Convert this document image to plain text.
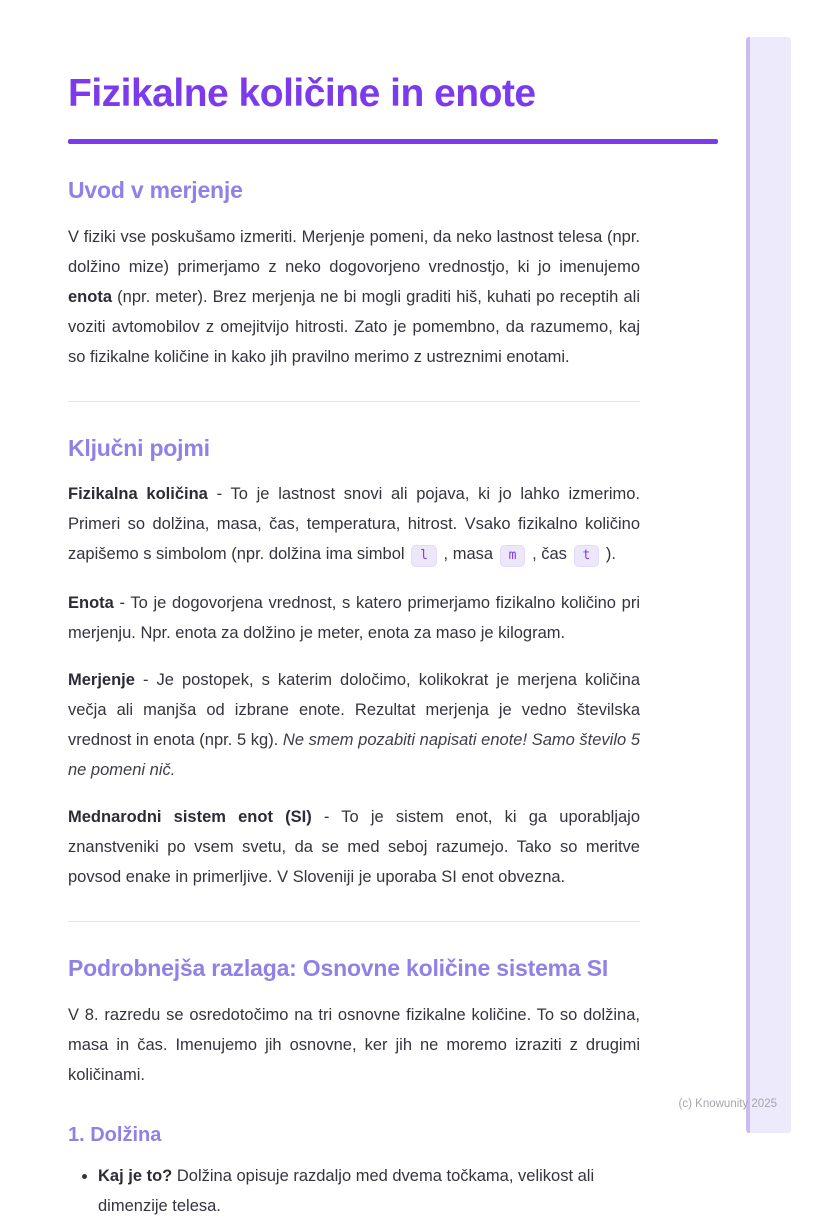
Fizikalne količine in enote
Uvod v merjenje

V fiziki vse poskušamo izmeriti. Merjenje pomeni, da neko lastnost telesa (npr. dolžino mize) primerjamo z neko dogovorjeno vrednostjo, ki jo imenujemo enota (npr. meter). Brez merjenja ne bi mogli graditi hiš, kuhati po receptih ali voziti avtomobilov z omejitvijo hitrosti. Zato je pomembno, da razumemo, kaj so fizikalne količine in kako jih pravilno merimo z ustreznimi enotami.

Ključni pojmi

Fizikalna količina - To je lastnost snovi ali pojava, ki jo lahko izmerimo. Primeri so dolžina, masa, čas, temperatura, hitrost. Vsako fizikalno količino zapišemo s simbolom (npr. dolžina ima simbol l , masa m , čas t ).

Enota - To je dogovorjena vrednost, s katero primerjamo fizikalno količino pri merjenju. Npr. enota za dolžino je meter, enota za maso je kilogram.

Merjenje - Je postopek, s katerim določimo, kolikokrat je merjena količina večja ali manjša od izbrane enote. Rezultat merjenja je vedno številska vrednost in enota (npr. 5 kg). Ne smem pozabiti napisati enote! Samo število 5 ne pomeni nič.

Mednarodni sistem enot (SI) - To je sistem enot, ki ga uporabljajo znanstveniki po vsem svetu, da se med seboj razumejo. Tako so meritve povsod enake in primerljive. V Sloveniji je uporaba SI enot obvezna.

Podrobnejša razlaga: Osnovne količine sistema SI

V 8. razredu se osredotočimo na tri osnovne fizikalne količine. To so dolžina, masa in čas. Imenujemo jih osnovne, ker jih ne moremo izraziti z drugimi količinami.

1. Dolžina
• Kaj je to? Dolžina opisuje razdaljo med dvema točkama, velikost ali dimenzije telesa.
(c) Knowunity 2025
